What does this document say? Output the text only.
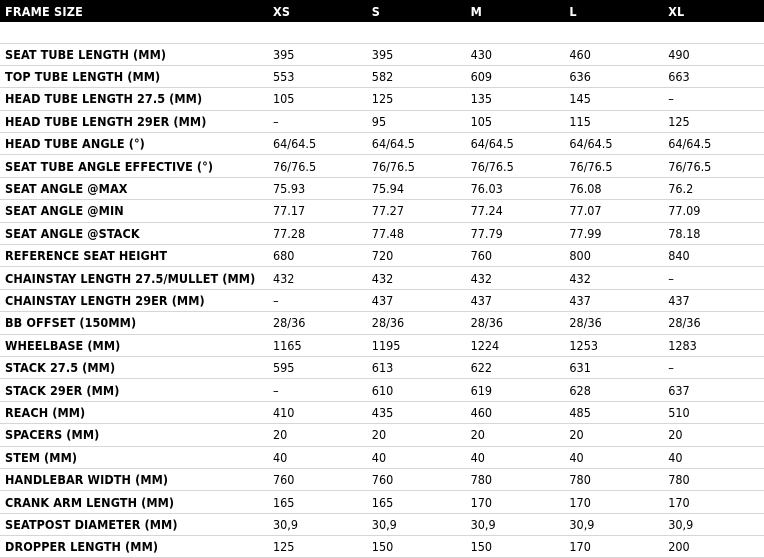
FRAME SIZE	XS	S	M	L	XL

SEAT TUBE LENGTH (MM)	395	395	430	460	490
TOP TUBE LENGTH (MM)	553	582	609	636	663
HEAD TUBE LENGTH 27.5 (MM)	105	125	135	145	–
HEAD TUBE LENGTH 29ER (MM)	–	95	105	115	125
HEAD TUBE ANGLE (°)	64/64.5	64/64.5	64/64.5	64/64.5	64/64.5
SEAT TUBE ANGLE EFFECTIVE (°)	76/76.5	76/76.5	76/76.5	76/76.5	76/76.5
SEAT ANGLE @MAX	75.93	75.94	76.03	76.08	76.2
SEAT ANGLE @MIN	77.17	77.27	77.24	77.07	77.09
SEAT ANGLE @STACK	77.28	77.48	77.79	77.99	78.18
REFERENCE SEAT HEIGHT	680	720	760	800	840
CHAINSTAY LENGTH 27.5/MULLET (MM)	432	432	432	432	–
CHAINSTAY LENGTH 29ER (MM)	–	437	437	437	437
BB OFFSET (150MM)	28/36	28/36	28/36	28/36	28/36
WHEELBASE (MM)	1165	1195	1224	1253	1283
STACK 27.5 (MM)	595	613	622	631	–
STACK 29ER (MM)	–	610	619	628	637
REACH (MM)	410	435	460	485	510
SPACERS (MM)	20	20	20	20	20
STEM (MM)	40	40	40	40	40
HANDLEBAR WIDTH (MM)	760	760	780	780	780
CRANK ARM LENGTH (MM)	165	165	170	170	170
SEATPOST DIAMETER (MM)	30,9	30,9	30,9	30,9	30,9
DROPPER LENGTH (MM)	125	150	150	170	200
